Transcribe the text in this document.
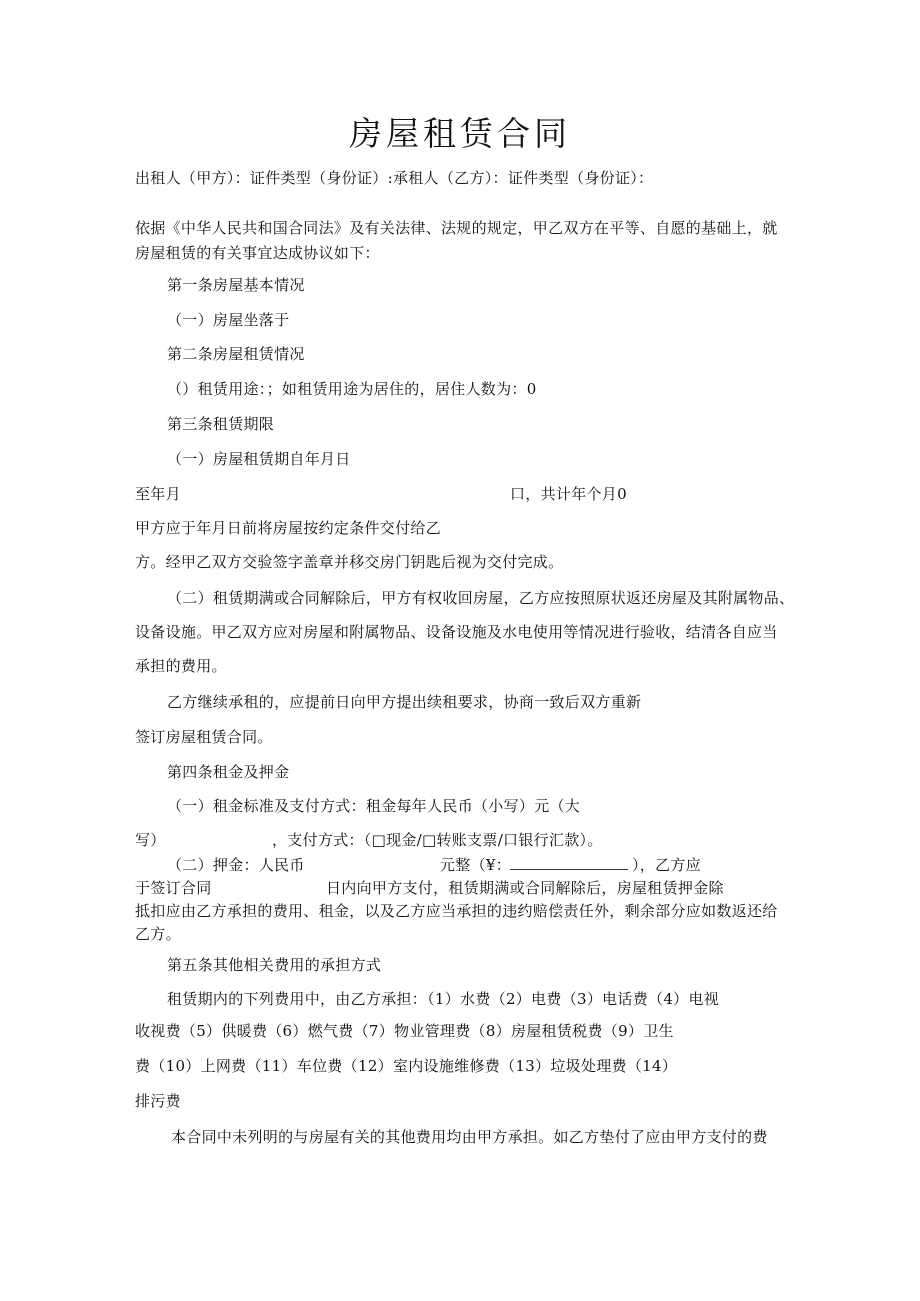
房屋租赁合同
出租人（甲方）：证件类型（身份证）:承租人（乙方）：证件类型（身份证）：
依据《中华人民共和国合同法》及有关法律、法规的规定，甲乙双方在平等、自愿的基础上，就
房屋租赁的有关事宜达成协议如下：
第一条房屋基本情况
（一）房屋坐落于
第二条房屋租赁情况
（）租赁用途：；如租赁用途为居住的，居住人数为：0
第三条租赁期限
（一）房屋租赁期自年月日
至年月	口，共计年个月0
甲方应于年月日前将房屋按约定条件交付给乙
方。经甲乙双方交验签字盖章并移交房门钥匙后视为交付完成。
（二）租赁期满或合同解除后，甲方有权收回房屋，乙方应按照原状返还房屋及其附属物品、
设备设施。甲乙双方应对房屋和附属物品、设备设施及水电使用等情况进行验收，结清各自应当
承担的费用。
乙方继续承租的，应提前日向甲方提出续租要求，协商一致后双方重新
签订房屋租赁合同。
第四条租金及押金
（一）租金标准及支付方式：租金每年人民币（小写）元（大
写）	，支付方式：（□现金/□转账支票/口银行汇款）。
（二）押金：人民币	元整（¥：	），乙方应
于签订合同	日内向甲方支付，租赁期满或合同解除后，房屋租赁押金除
抵扣应由乙方承担的费用、租金，以及乙方应当承担的违约赔偿责任外，剩余部分应如数返还给
乙方。
第五条其他相关费用的承担方式
租赁期内的下列费用中，由乙方承担：（1）水费（2）电费（3）电话费（4）电视
收视费（5）供暖费（6）燃气费（7）物业管理费（8）房屋租赁税费（9）卫生
费（10）上网费（11）车位费（12）室内设施维修费（13）垃圾处理费（14）
排污费
本合同中未列明的与房屋有关的其他费用均由甲方承担。如乙方垫付了应由甲方支付的费
